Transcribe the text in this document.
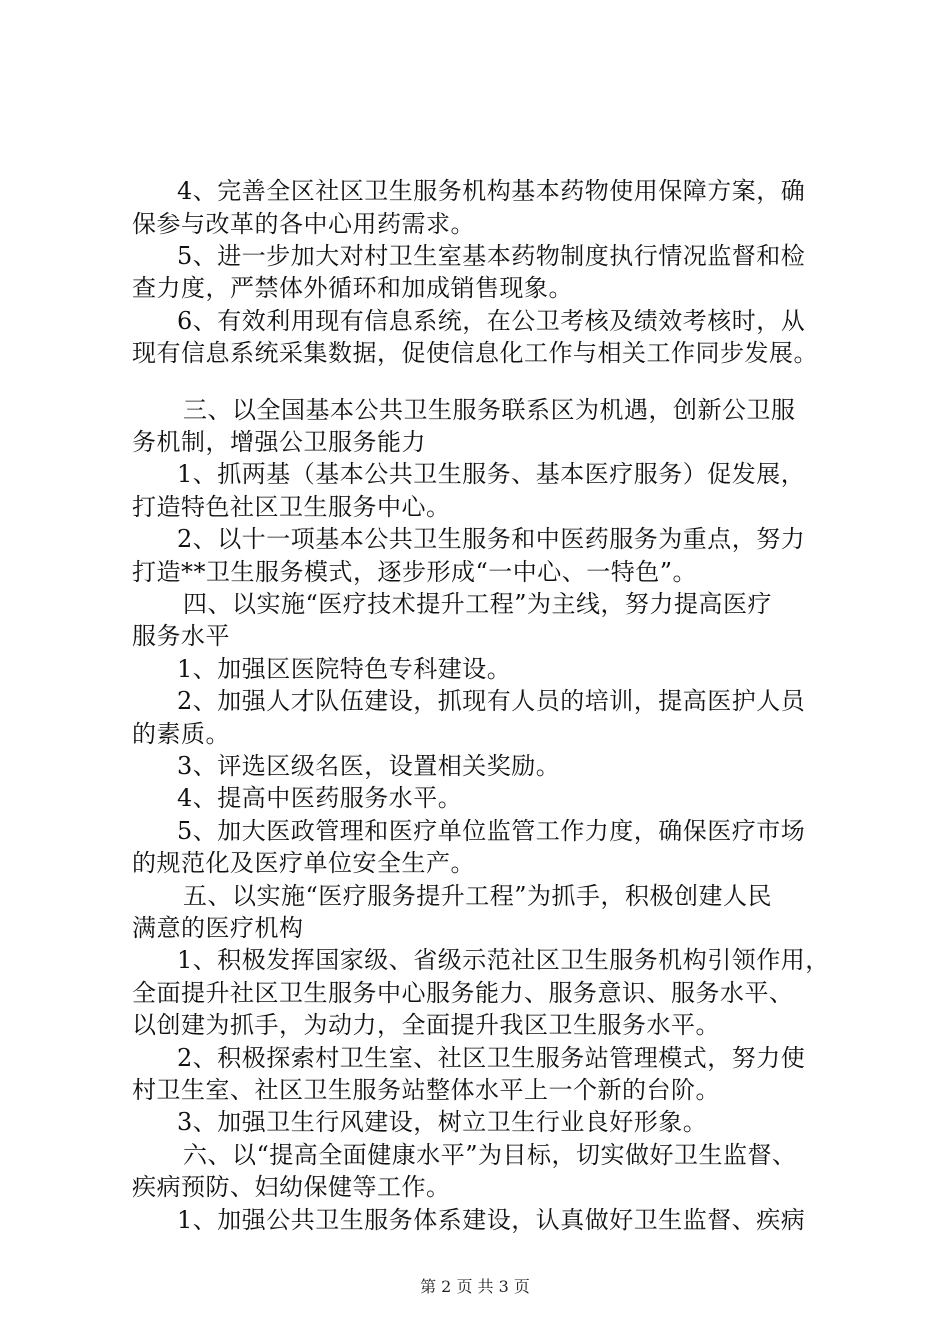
4、完善全区社区卫生服务机构基本药物使用保障方案，确
保参与改革的各中心用药需求。
5、进一步加大对村卫生室基本药物制度执行情况监督和检
查力度，严禁体外循环和加成销售现象。
6、有效利用现有信息系统，在公卫考核及绩效考核时，从
现有信息系统采集数据，促使信息化工作与相关工作同步发展。
三、以全国基本公共卫生服务联系区为机遇，创新公卫服
务机制，增强公卫服务能力
1、抓两基（基本公共卫生服务、基本医疗服务）促发展，
打造特色社区卫生服务中心。
2、以十一项基本公共卫生服务和中医药服务为重点，努力
打造**卫生服务模式，逐步形成“一中心、一特色”。
四、以实施“医疗技术提升工程”为主线，努力提高医疗
服务水平
1、加强区医院特色专科建设。
2、加强人才队伍建设，抓现有人员的培训，提高医护人员
的素质。
3、评选区级名医，设置相关奖励。
4、提高中医药服务水平。
5、加大医政管理和医疗单位监管工作力度，确保医疗市场
的规范化及医疗单位安全生产。
五、以实施“医疗服务提升工程”为抓手，积极创建人民
满意的医疗机构
1、积极发挥国家级、省级示范社区卫生服务机构引领作用，
全面提升社区卫生服务中心服务能力、服务意识、服务水平、
以创建为抓手，为动力，全面提升我区卫生服务水平。
2、积极探索村卫生室、社区卫生服务站管理模式，努力使
村卫生室、社区卫生服务站整体水平上一个新的台阶。
3、加强卫生行风建设，树立卫生行业良好形象。
六、以“提高全面健康水平”为目标，切实做好卫生监督、
疾病预防、妇幼保健等工作。
1、加强公共卫生服务体系建设，认真做好卫生监督、疾病
第 2 页 共 3 页
